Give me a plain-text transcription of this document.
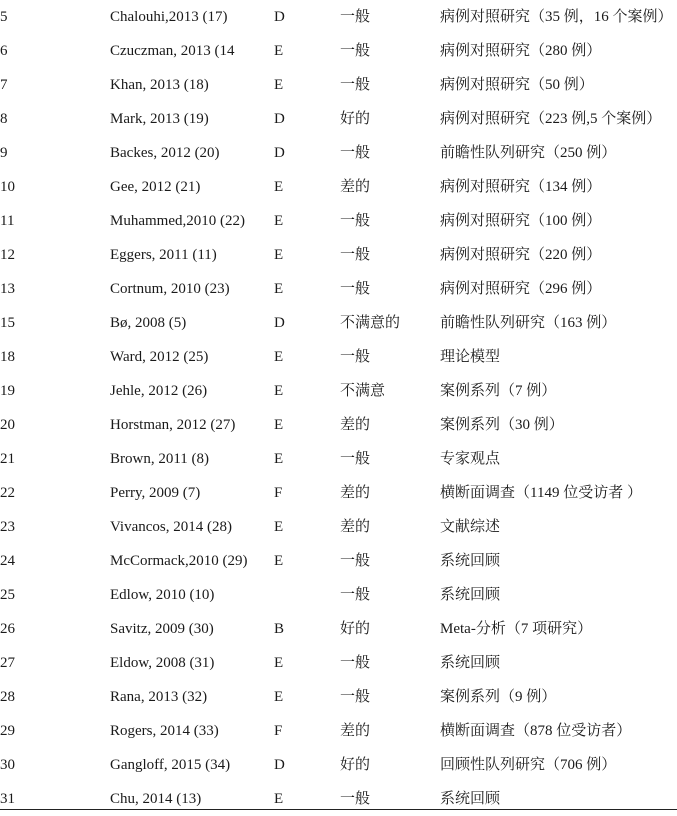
5	Chalouhi,2013 (17)	D	一般	病例对照研究（35 例，16 个案例）
6	Czuczman, 2013 (14	E	一般	病例对照研究（280 例）
7	Khan, 2013 (18)	E	一般	病例对照研究（50 例）
8	Mark, 2013 (19)	D	好的	病例对照研究（223 例,5 个案例）
9	Backes, 2012 (20)	D	一般	前瞻性队列研究（250 例）
10	Gee, 2012 (21)	E	差的	病例对照研究（134 例）
11	Muhammed,2010 (22)	E	一般	病例对照研究（100 例）
12	Eggers, 2011 (11)	E	一般	病例对照研究（220 例）
13	Cortnum, 2010 (23)	E	一般	病例对照研究（296 例）
15	Bø, 2008 (5)	D	不满意的	前瞻性队列研究（163 例）
18	Ward, 2012 (25)	E	一般	理论模型
19	Jehle, 2012 (26)	E	不满意	案例系列（7 例）
20	Horstman, 2012 (27)	E	差的	案例系列（30 例）
21	Brown, 2011 (8)	E	一般	专家观点
22	Perry, 2009 (7)	F	差的	横断面调查（1149 位受访者 ）
23	Vivancos, 2014 (28)	E	差的	文献综述
24	McCormack,2010 (29)	E	一般	系统回顾
25	Edlow, 2010 (10)		一般	系统回顾
26	Savitz, 2009 (30)	B	好的	Meta-分析（7 项研究）
27	Eldow, 2008 (31)	E	一般	系统回顾
28	Rana, 2013 (32)	E	一般	案例系列（9 例）
29	Rogers, 2014 (33)	F	差的	横断面调查（878 位受访者）
30	Gangloff, 2015 (34)	D	好的	回顾性队列研究（706 例）
31	Chu, 2014 (13)	E	一般	系统回顾
